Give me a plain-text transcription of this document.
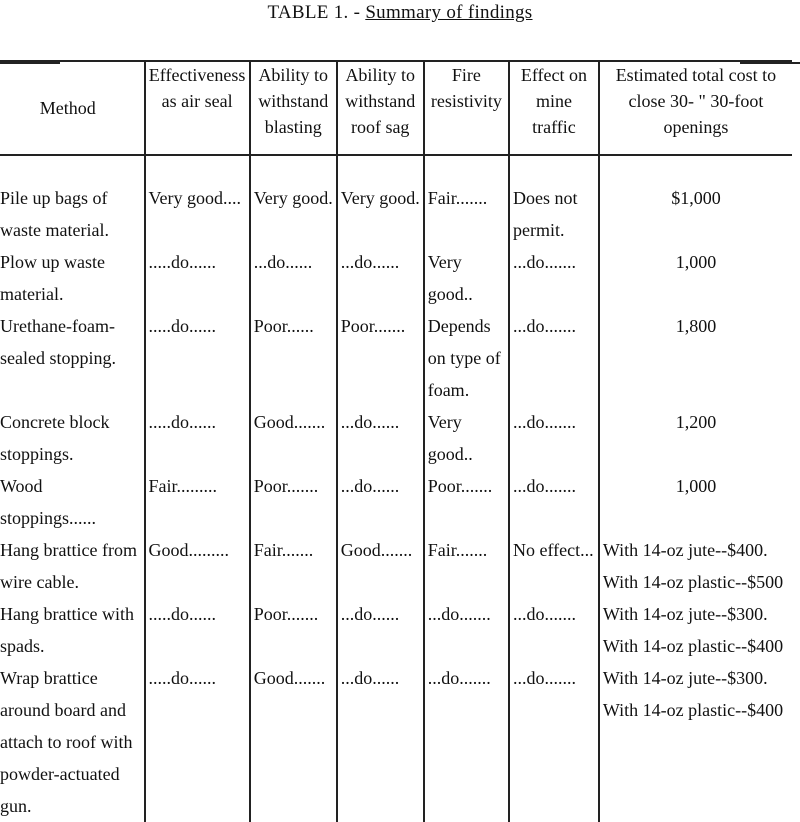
TABLE 1. - Summary of findings
Method	Effectiveness as air seal	Ability to withstand blasting	Ability to withstand roof sag	Fire resistivity	Effect on mine traffic	Estimated total cost to close 30- " 30-foot openings
Pile up bags of waste material.	Very good....	Very good.	Very good.	Fair.......	Does not permit.	$1,000

Plow up waste material.	.....do......	...do......	...do......	Very good..	...do.......	1,000

Urethane-foam-sealed stopping.	.....do......	Poor......	Poor.......	Depends on type of foam.	...do.......	1,800

Concrete block stoppings.	.....do......	Good.......	...do......	Very good..	...do.......	1,200

Wood stoppings......	Fair.........	Poor.......	...do......	Poor.......	...do.......	1,000

Hang brattice from wire cable.	Good.........	Fair.......	Good.......	Fair.......	No effect...	With 14-oz jute--$400.
With 14-oz plastic--$500

Hang brattice with spads.	.....do......	Poor.......	...do......	...do.......	...do.......	With 14-oz jute--$300.
With 14-oz plastic--$400

Wrap brattice around board and attach to roof with powder-actuated gun.	.....do......	Good.......	...do......	...do.......	...do.......	With 14-oz jute--$300.
With 14-oz plastic--$400
